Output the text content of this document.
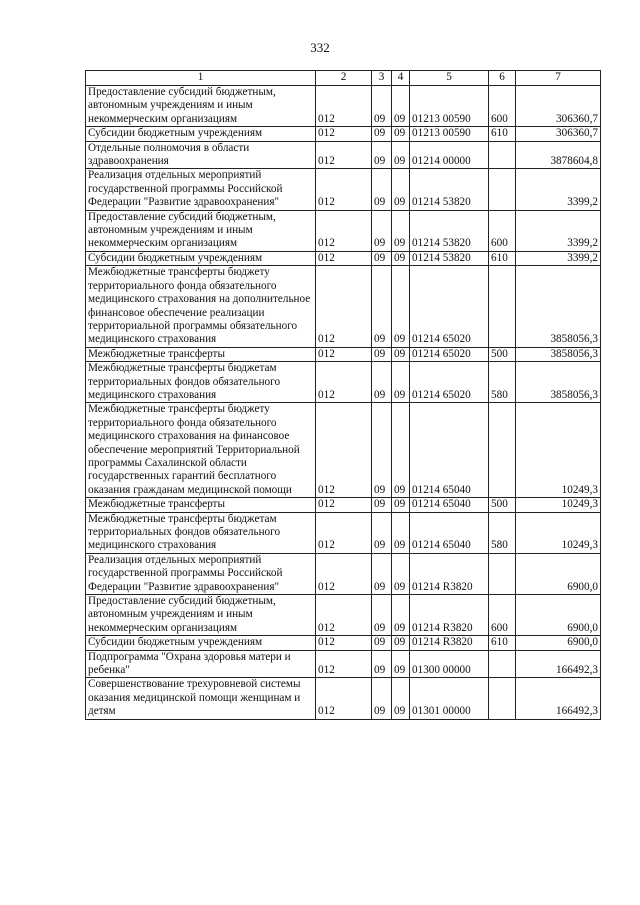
332
1	2	3	4	5	6	7
Предоставление субсидий бюджетным, автономным учреждениям и иным некоммерческим организациям	012	09	09	01213 00590	600	306360,7
Субсидии бюджетным учреждениям	012	09	09	01213 00590	610	306360,7
Отдельные полномочия в области здравоохранения	012	09	09	01214 00000		3878604,8
Реализация отдельных мероприятий государственной программы Российской Федерации "Развитие здравоохранения"	012	09	09	01214 53820		3399,2
Предоставление субсидий бюджетным, автономным учреждениям и иным некоммерческим организациям	012	09	09	01214 53820	600	3399,2
Субсидии бюджетным учреждениям	012	09	09	01214 53820	610	3399,2
Межбюджетные трансферты бюджету территориального фонда обязательного медицинского страхования на дополнительное финансовое обеспечение реализации территориальной программы обязательного медицинского страхования	012	09	09	01214 65020		3858056,3
Межбюджетные трансферты	012	09	09	01214 65020	500	3858056,3
Межбюджетные трансферты бюджетам территориальных фондов обязательного медицинского страхования	012	09	09	01214 65020	580	3858056,3
Межбюджетные трансферты бюджету территориального фонда обязательного медицинского страхования на финансовое обеспечение мероприятий Территориальной программы Сахалинской области государственных гарантий бесплатного оказания гражданам медицинской помощи	012	09	09	01214 65040		10249,3
Межбюджетные трансферты	012	09	09	01214 65040	500	10249,3
Межбюджетные трансферты бюджетам территориальных фондов обязательного медицинского страхования	012	09	09	01214 65040	580	10249,3
Реализация отдельных мероприятий государственной программы Российской Федерации "Развитие здравоохранения"	012	09	09	01214 R3820		6900,0
Предоставление субсидий бюджетным, автономным учреждениям и иным некоммерческим организациям	012	09	09	01214 R3820	600	6900,0
Субсидии бюджетным учреждениям	012	09	09	01214 R3820	610	6900,0
Подпрограмма "Охрана здоровья матери и ребенка"	012	09	09	01300 00000		166492,3
Совершенствование трехуровневой системы оказания медицинской помощи женщинам и детям	012	09	09	01301 00000		166492,3
